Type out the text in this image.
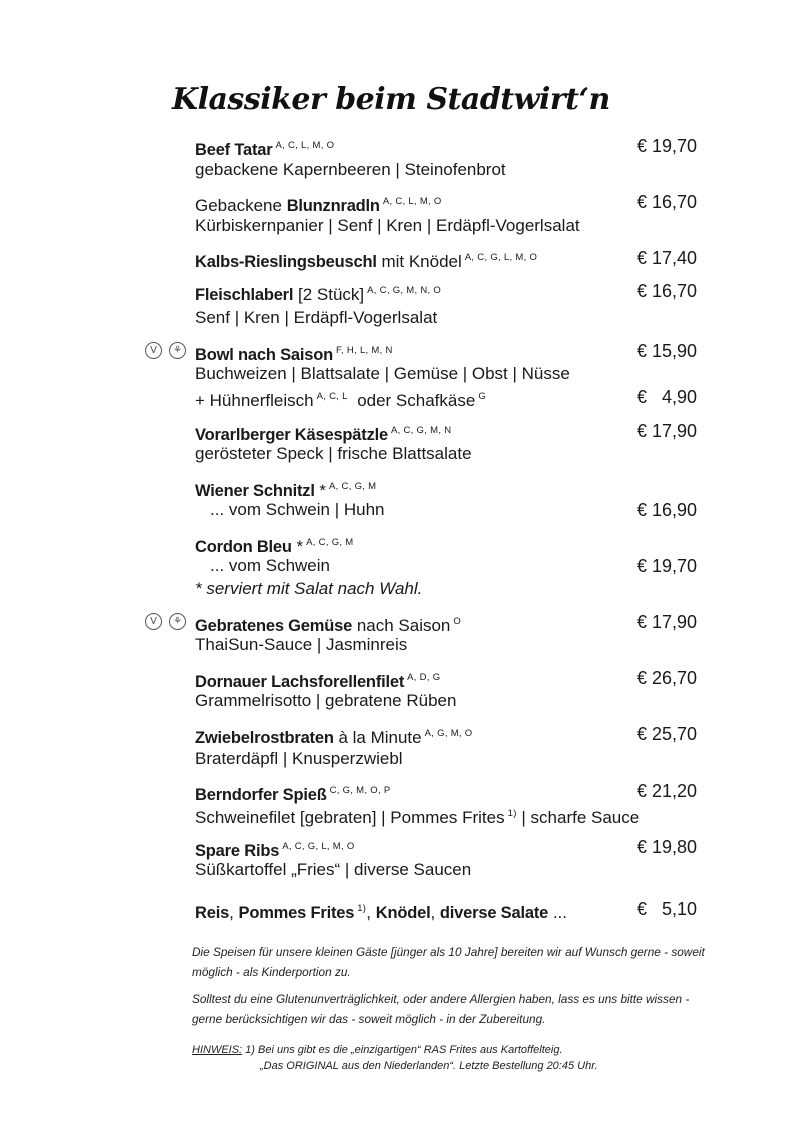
Klassiker beim Stadtwirt‘n
Beef Tatar $^{A, C, L, M, O}$	€ 19,70
gebackene Kapernbeeren | Steinofenbrot
Gebackene Blunznradln $^{A, C, L, M, O}$	€ 16,70
Kürbiskernpanier | Senf | Kren | Erdäpfl-Vogerlsalat
Kalbs-Rieslingsbeuschl mit Knödel $^{A, C, G, L, M, O}$	€ 17,40
Fleischlaberl [2 Stück] $^{A, C, G, M, N, O}$	€ 16,70
Senf | Kren | Erdäpfl-Vogerlsalat
V	⚘ Bowl nach Saison $^{F, H, L, M, N}$	€ 15,90
Buchweizen | Blattsalate | Gemüse | Obst | Nüsse
+ Hühnerfleisch $^{A, C, L}$ oder Schafkäse $^G$	€   4,90
Vorarlberger Käsespätzle $^{A, C, G, M, N}$	€ 17,90
gerösteter Speck | frische Blattsalate
Wiener Schnitzl * $^{A, C, G, M}$
... vom Schwein | Huhn	€ 16,90
Cordon Bleu * $^{A, C, G, M}$
... vom Schwein	€ 19,70
* serviert mit Salat nach Wahl.
V	⚘ Gebratenes Gemüse nach Saison $^O$	€ 17,90
ThaiSun-Sauce | Jasminreis
Dornauer Lachsforellenfilet $^{A, D, G}$	€ 26,70
Grammelrisotto | gebratene Rüben
Zwiebelrostbraten à la Minute $^{A, G, M, O}$	€ 25,70
Braterdäpfl | Knusperzwiebl
Berndorfer Spieß $^{C, G, M, O, P}$	€ 21,20
Schweinefilet [gebraten] | Pommes Frites $^{1)}$ | scharfe Sauce
Spare Ribs $^{A, C, G, L, M, O}$	€ 19,80
Süßkartoffel „Fries“ | diverse Saucen
Reis, Pommes Frites $^{1)}$, Knödel, diverse Salate ...	€   5,10
Die Speisen für unsere kleinen Gäste [jünger als 10 Jahre] bereiten wir auf Wunsch gerne - soweit möglich - als Kinderportion zu.
Solltest du eine Glutenunverträglichkeit, oder andere Allergien haben, lass es uns bitte wissen - gerne berücksichtigen wir das - soweit möglich - in der Zubereitung.
HINWEIS: 1) Bei uns gibt es die „einzigartigen“ RAS Frites aus Kartoffelteig.
„Das ORIGINAL aus den Niederlanden“. Letzte Bestellung 20:45 Uhr.
